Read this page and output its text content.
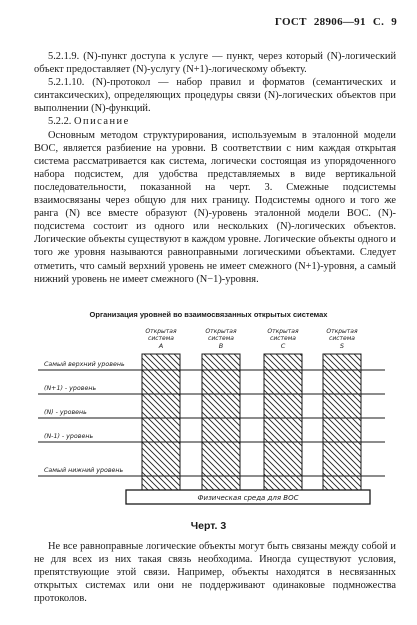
ГОСТ 28906—91 С. 9

5.2.1.9. (N)-пункт доступа к услуге — пункт, через который (N)-логический объект предоставляет (N)-услугу (N+1)-логическому объекту.

5.2.1.10. (N)-протокол — набор правил и форматов (семантических и синтаксических), определяющих процедуры связи (N)-логических объектов при выполнении (N)-функций.

5.2.2. Описание

Основным методом структурирования, используемым в эталонной модели ВОС, является разбиение на уровни. В соответствии с ним каждая открытая система рассматривается как система, логически состоящая из упорядоченного набора подсистем, для удобства представляемых в виде вертикальной последовательности, показанной на черт. 3. Смежные подсистемы взаимосвязаны через общую для них границу. Подсистемы одного и того же ранга (N) все вместе образуют (N)-уровень эталонной модели ВОС. (N)-подсистема состоит из одного или нескольких (N)-логических объектов. Логические объекты существуют в каждом уровне. Логические объекты одного и того же уровня называются равноправными логическими объектами. Следует отметить, что самый верхний уровень не имеет смежного (N+1)-уровня, а самый нижний уровень не имеет смежного (N−1)-уровня.

Организация уровней во взаимосвязанных открытых системах
Открытая
система
А
Открытая
система
В
Открытая
система
С
Открытая
система
S
Самый верхний уровень
(N+1) - уровень
(N) - уровень
(N-1) - уровень
Самый нижний уровень
Физическая среда для ВОС
Черт. 3

Не все равноправные логические объекты могут быть связаны между собой и не для всех из них такая связь необходима. Иногда существуют условия, препятствующие этой связи. Например, объекты находятся в несвязанных открытых системах или они не поддерживают одинаковые подмножества протоколов.
